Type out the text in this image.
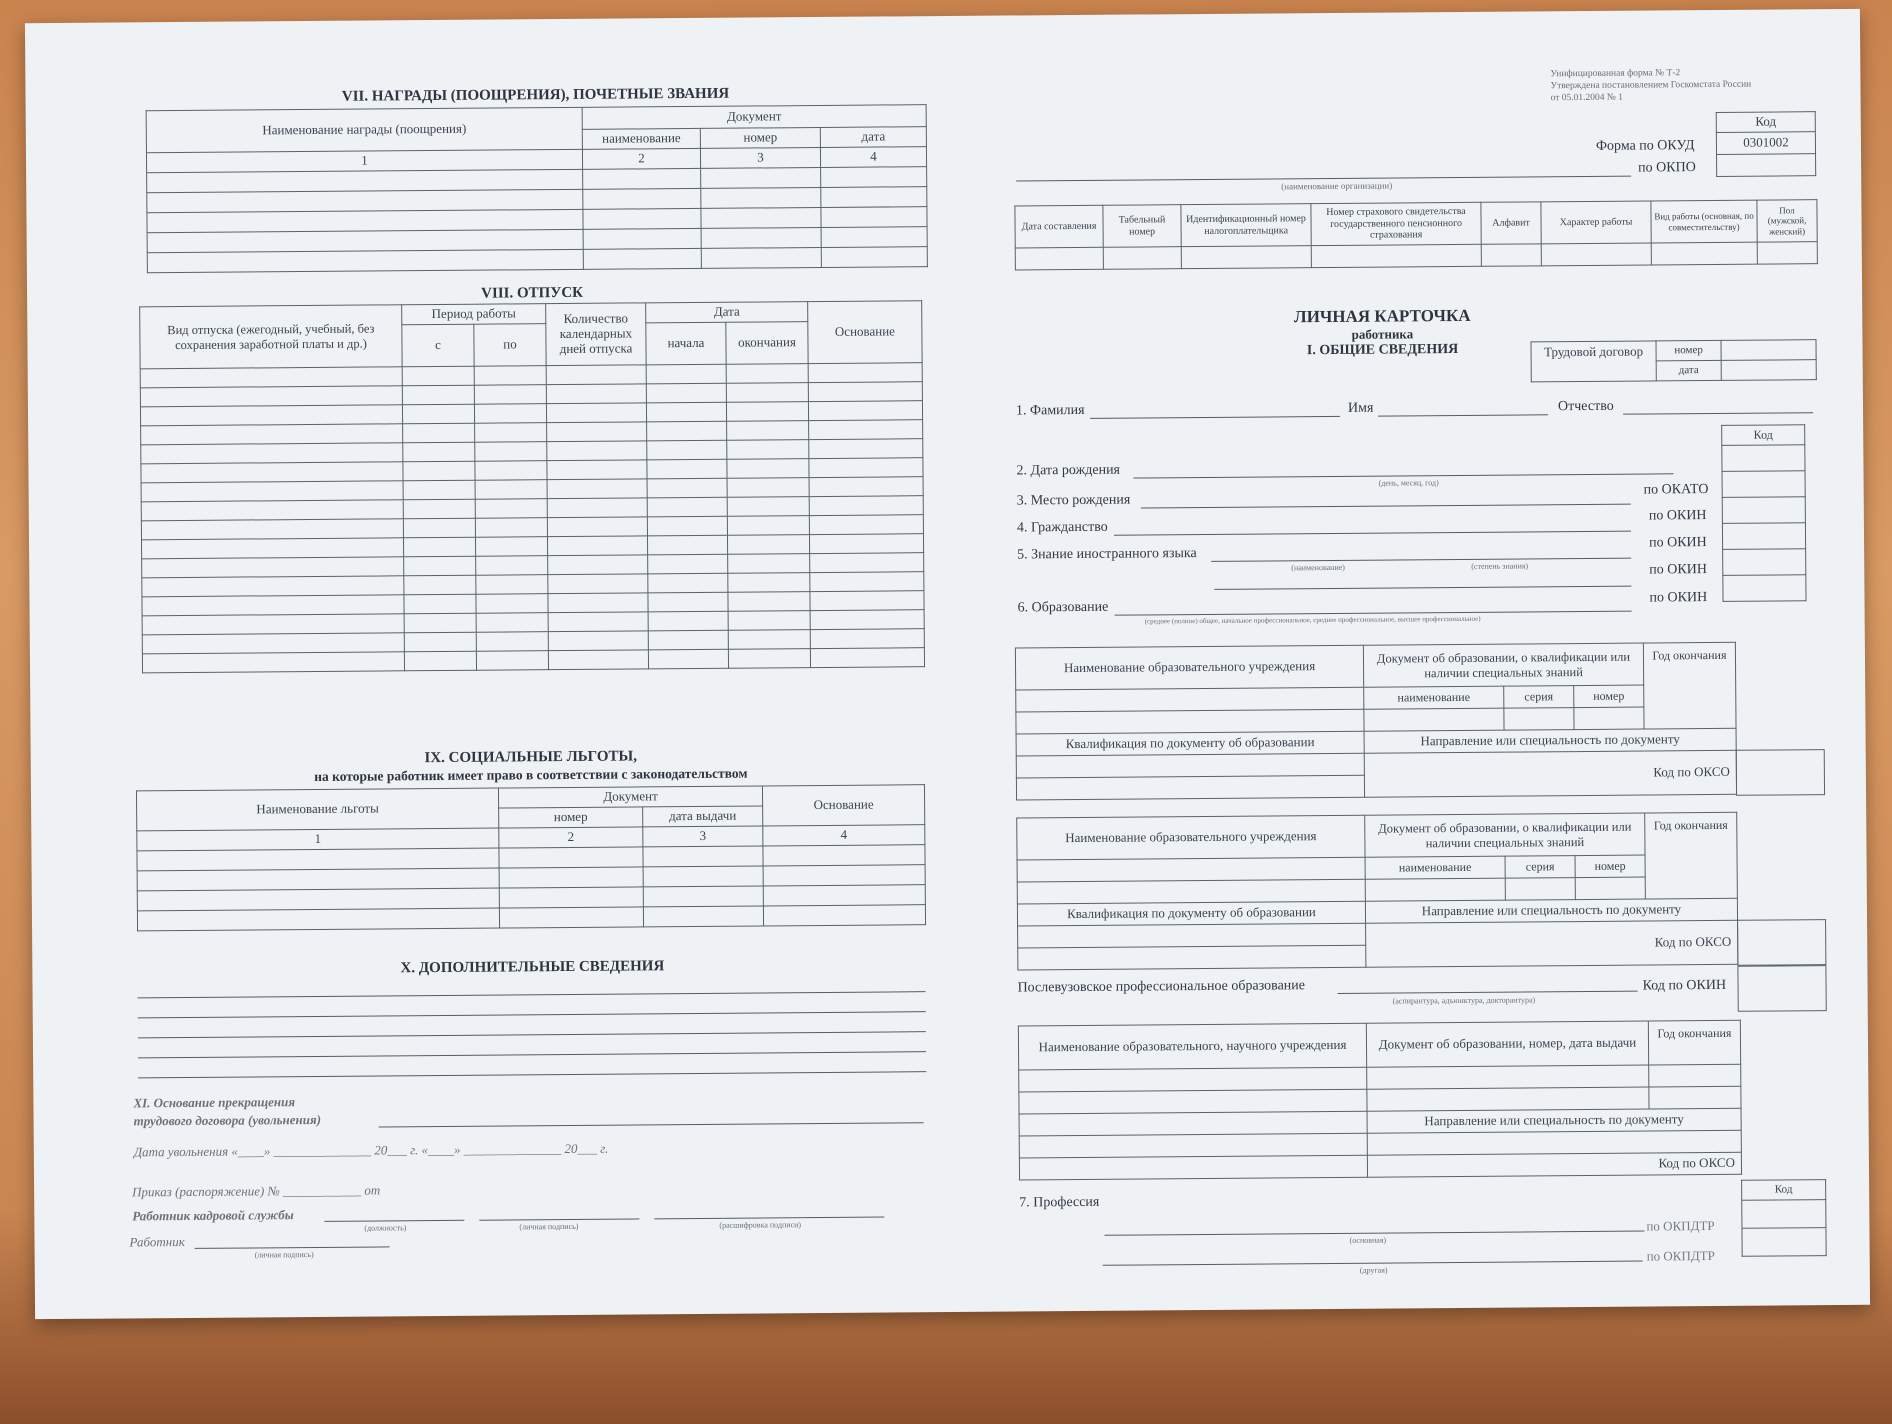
VII. НАГРАДЫ (ПООЩРЕНИЯ), ПОЧЕТНЫЕ ЗВАНИЯ
Наименование награды (поощрения)	Документ		
	наименование	номер	дата
1	2	3	4

VIII. ОТПУСК
Вид отпуска (ежегодный, учебный, без сохранения заработной платы и др.)	Период работы		Количество календарных дней отпуска	Дата		Основание
	с	по		начала	окончания	

IX. СОЦИАЛЬНЫЕ ЛЬГОТЫ,
на которые работник имеет право в соответствии с законодательством
Наименование льготы	Документ		Основание
	номер	дата выдачи	
1	2	3	4

X. ДОПОЛНИТЕЛЬНЫЕ СВЕДЕНИЯ
XI. Основание прекращения
трудового договора (увольнения)
Дата увольнения «____» _______________ 20___ г. «____» _______________ 20___ г.
Приказ (распоряжение) № ____________ от
Работник кадровой службы
(должность)	(личная подпись)	(расшифровка подписи)
Работник
(личная подпись)
Унифицированная форма № Т-2
Утверждена постановлением Госкомстата России
от 05.01.2004 № 1
Код
0301002

Форма по ОКУД
по ОКПО
(наименование организации)
Дата составления	Табельный номер	Идентификационный номер налогоплательщика	Номер страхового свидетельства государственного пенсионного страхования	Алфавит	Характер работы	Вид работы (основная, по совместительству)	Пол (мужской, женский)

ЛИЧНАЯ КАРТОЧКА
работника
I. ОБЩИЕ СВЕДЕНИЯ	Трудовой договор	номер	
	дата	
1. Фамилия	Имя	Отчество
Код

2. Дата рождения
(день, месяц, год)
3. Место рождения
по ОКАТО
4. Гражданство
по ОКИН
5. Знание иностранного языка
по ОКИН
(наименование)	(степень знания)	по ОКИН
6. Образование
по ОКИН
(среднее (полное) общее, начальное профессиональное, среднее профессиональное, высшее профессиональное)
Наименование образовательного учреждения	Документ об образовании, о квалификации или наличии специальных знаний			Год окончания
	наименование	серия	номер	

Квалификация по документу об образовании	Направление или специальность по документу			
	Код по ОКСО			

Наименование образовательного учреждения	Документ об образовании, о квалификации или наличии специальных знаний			Год окончания
	наименование	серия	номер	

Квалификация по документу об образовании	Направление или специальность по документу			
	Код по ОКСО			

Послевузовское профессиональное образование	Код по ОКИН
(аспирантура, адъюнктура, докторантура)
Наименование образовательного, научного учреждения	Документ об образовании, номер, дата выдачи	Год окончания

	Направление или специальность по документу	

	Код по ОКСО	
7. Профессия
Код

по ОКПДТР
(основная)
по ОКПДТР
(другая)
